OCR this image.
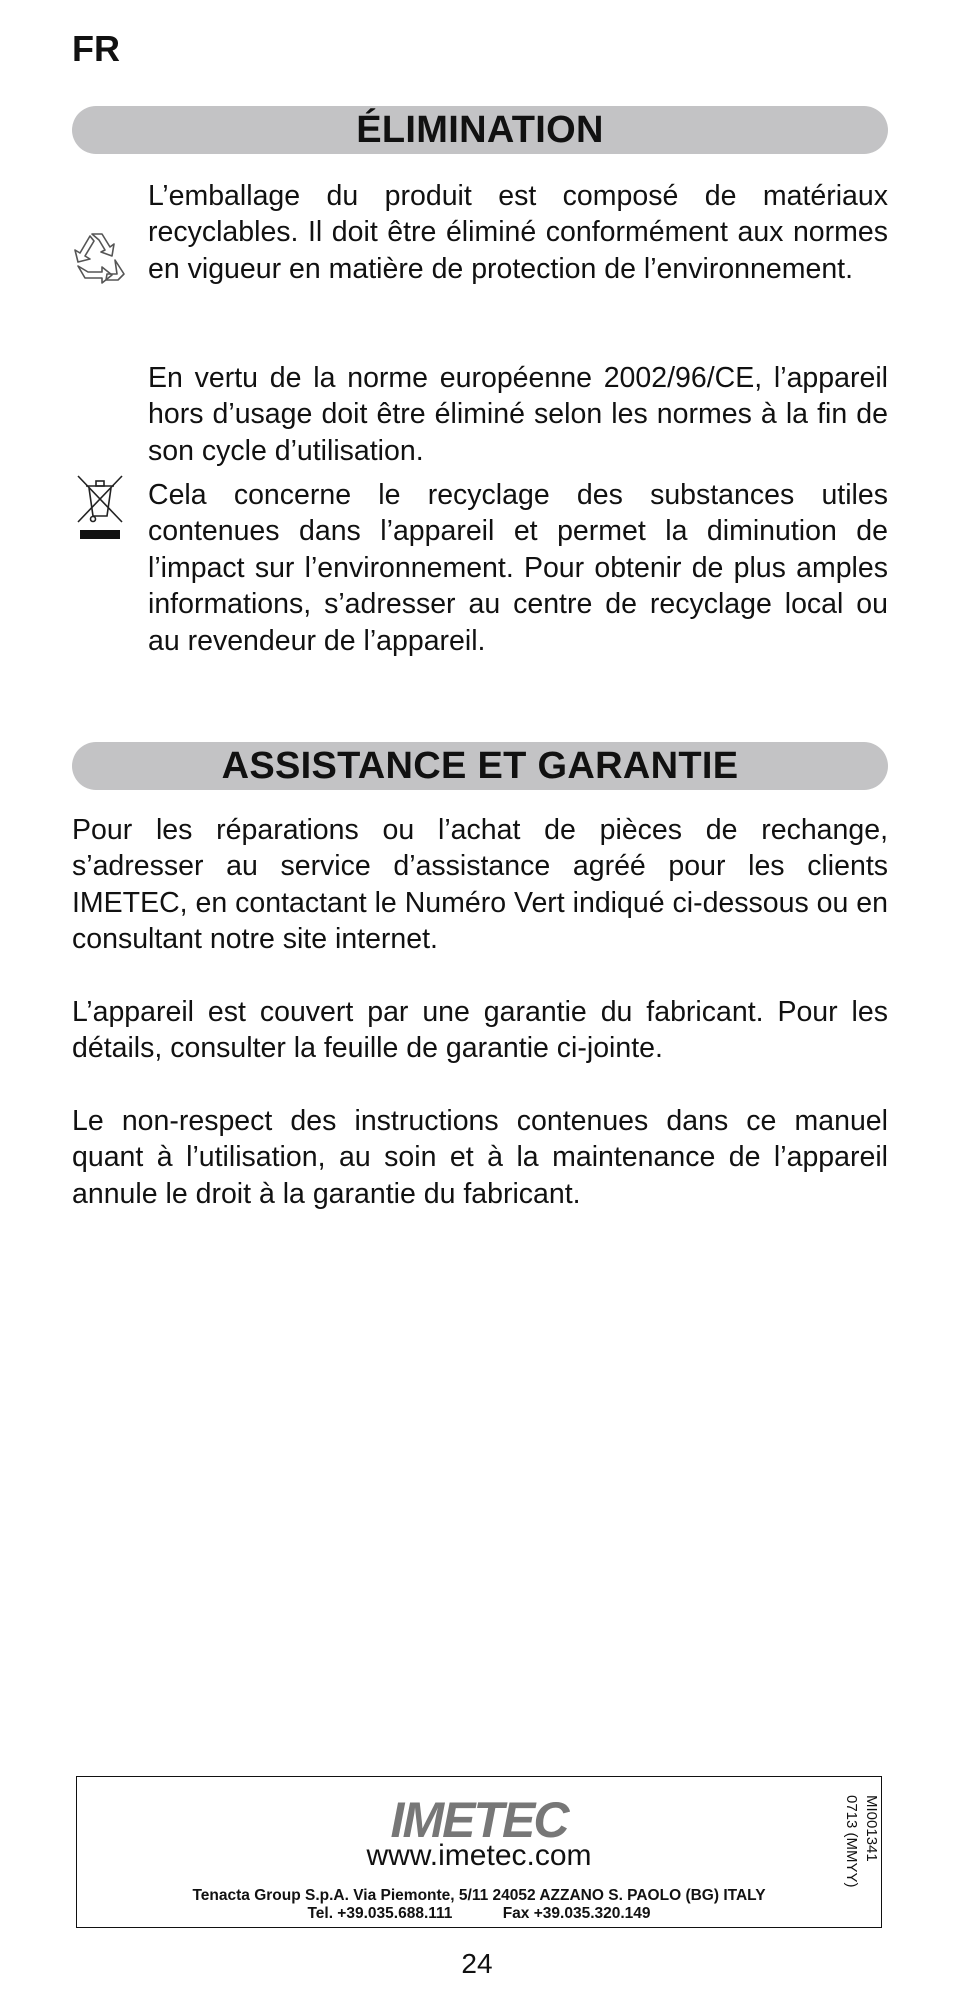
FR
ÉLIMINATION
L’emballage du produit est composé de matériaux recyclables. Il doit être éliminé conformément aux normes en vigueur en matière de protection de l’environnement.
En vertu de la norme européenne 2002/96/CE, l’appareil hors d’usage doit être éliminé selon les normes à la fin de son cycle d’utilisation.
Cela concerne le recyclage des substances utiles contenues dans l’appareil et permet la diminution de l’impact sur l’environnement. Pour obtenir de plus amples informations, s’adresser au centre de recyclage local ou au revendeur de l’appareil.
ASSISTANCE ET GARANTIE
Pour les réparations ou l’achat de pièces de rechange, s’adresser au service d’assistance agréé pour les clients IMETEC, en contactant le Numéro Vert indiqué ci-dessous ou en consultant notre site internet.
L’appareil est couvert par une garantie du fabricant. Pour les détails, consulter la feuille de garantie ci-jointe.
Le non-respect des instructions contenues dans ce manuel quant à l’utilisation, au soin et à la maintenance de l’appareil annule le droit à la garantie du fabricant.
IMETEC
www.imetec.com
Tenacta Group S.p.A. Via Piemonte, 5/11 24052 AZZANO S. PAOLO (BG) ITALY
Tel. +39.035.688.111	Fax +39.035.320.149
MI001341
0713 (MMYY)
24
